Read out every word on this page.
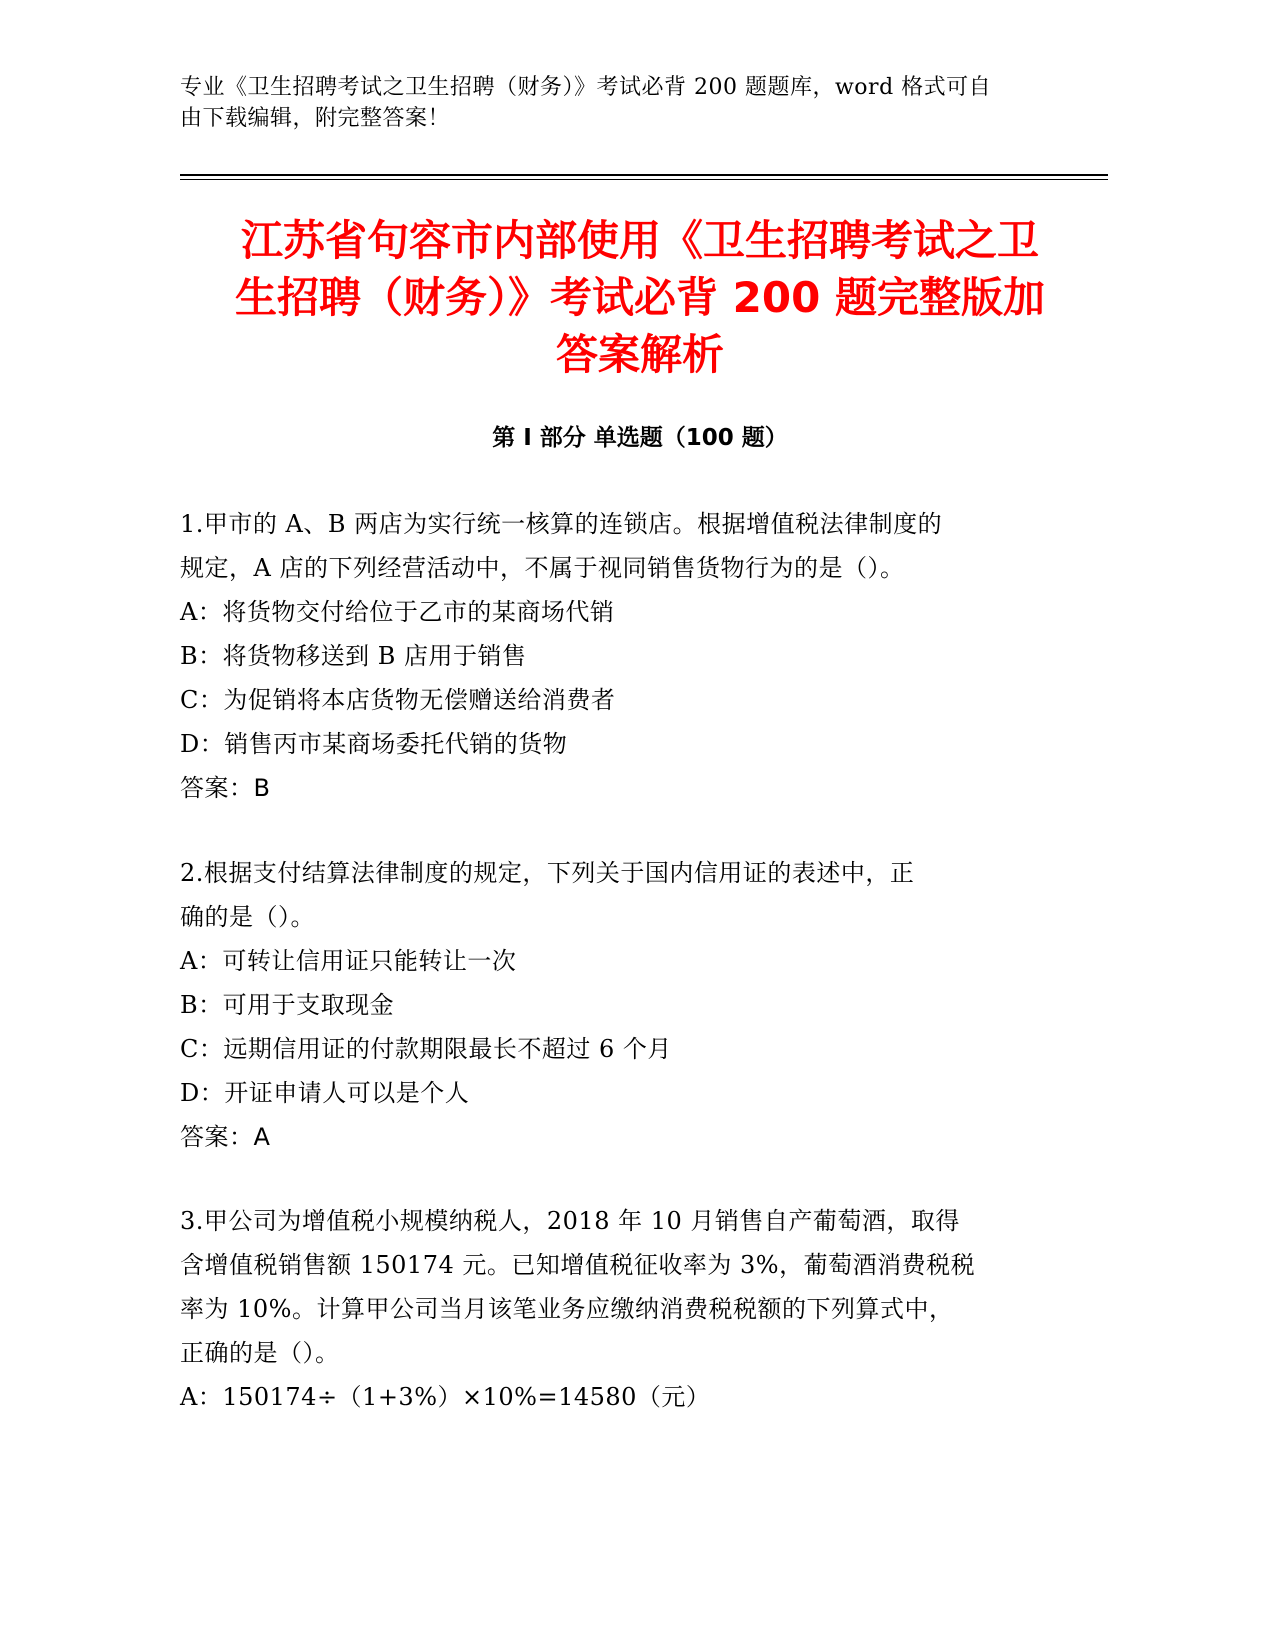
专业《卫生招聘考试之卫生招聘（财务）》考试必背 200 题题库，word 格式可自
由下载编辑，附完整答案！
江苏省句容市内部使用《卫生招聘考试之卫
生招聘（财务）》考试必背 200 题完整版加
答案解析
第 I 部分 单选题（100 题）
1.甲市的 A、B 两店为实行统一核算的连锁店。根据增值税法律制度的
规定，A 店的下列经营活动中，不属于视同销售货物行为的是（）。
A：将货物交付给位于乙市的某商场代销
B：将货物移送到 B 店用于销售
C：为促销将本店货物无偿赠送给消费者
D：销售丙市某商场委托代销的货物
答案：B
2.根据支付结算法律制度的规定，下列关于国内信用证的表述中，正
确的是（）。
A：可转让信用证只能转让一次
B：可用于支取现金
C：远期信用证的付款期限最长不超过 6 个月
D：开证申请人可以是个人
答案：A
3.甲公司为增值税小规模纳税人，2018 年 10 月销售自产葡萄酒，取得
含增值税销售额 150174 元。已知增值税征收率为 3%，葡萄酒消费税税
率为 10%。计算甲公司当月该笔业务应缴纳消费税税额的下列算式中，
正确的是（）。
A：150174÷（1+3%）×10%=14580（元）
